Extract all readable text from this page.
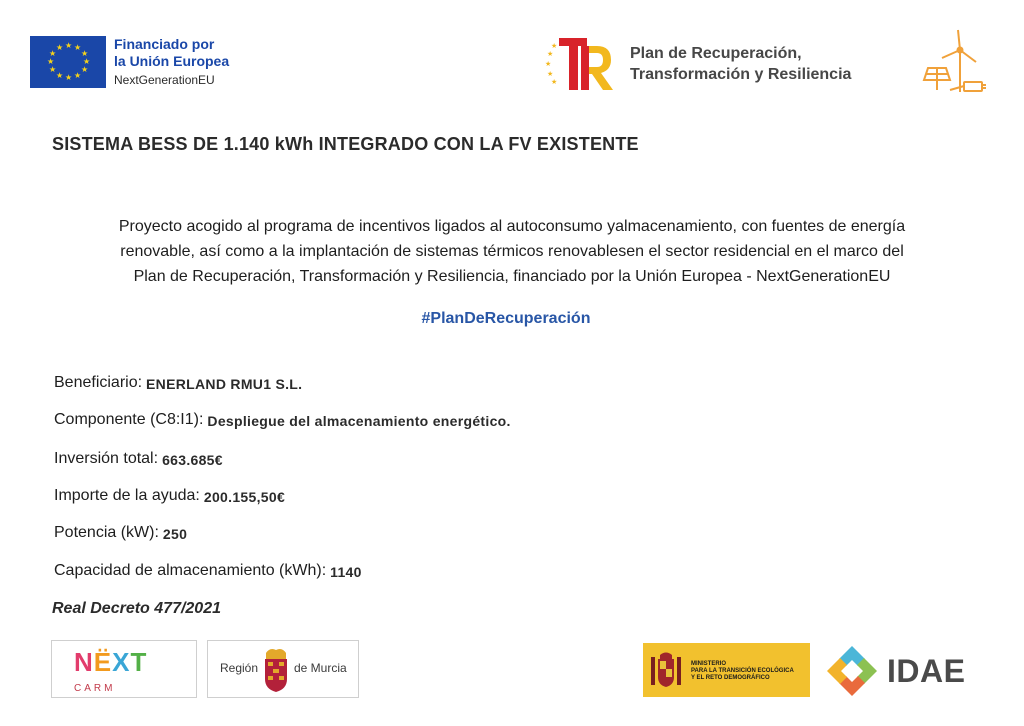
★ ★
★
★
★
★
★
★
★
★
★
★	Financiado por
la Unión Europea
NextGenerationEU
★
★
★
★
★	Plan de Recuperación,
Transformación y Resiliencia
SISTEMA BESS DE 1.140 kWh INTEGRADO CON LA FV EXISTENTE
Proyecto acogido al programa de incentivos ligados al autoconsumo yalmacenamiento, con fuentes de energía
renovable, así como a la implantación de sistemas térmicos renovablesen el sector residencial en el marco del
Plan de Recuperación, Transformación y Resiliencia, financiado por la Unión Europea - NextGenerationEU
#PlanDeRecuperación
Beneficiario: ENERLAND RMU1 S.L.
Componente (C8:I1): Despliegue del almacenamiento energético.
Inversión total: 663.685€
Importe de la ayuda: 200.155,50€
Potencia (kW): 250
Capacidad de almacenamiento (kWh): 1140
Real Decreto 477/2021
NËXT
CARM
Región	de Murcia	MINISTERIO
PARA LA TRANSICIÓN ECOLÓGICA
Y EL RETO DEMOGRÁFICO	IDAE
